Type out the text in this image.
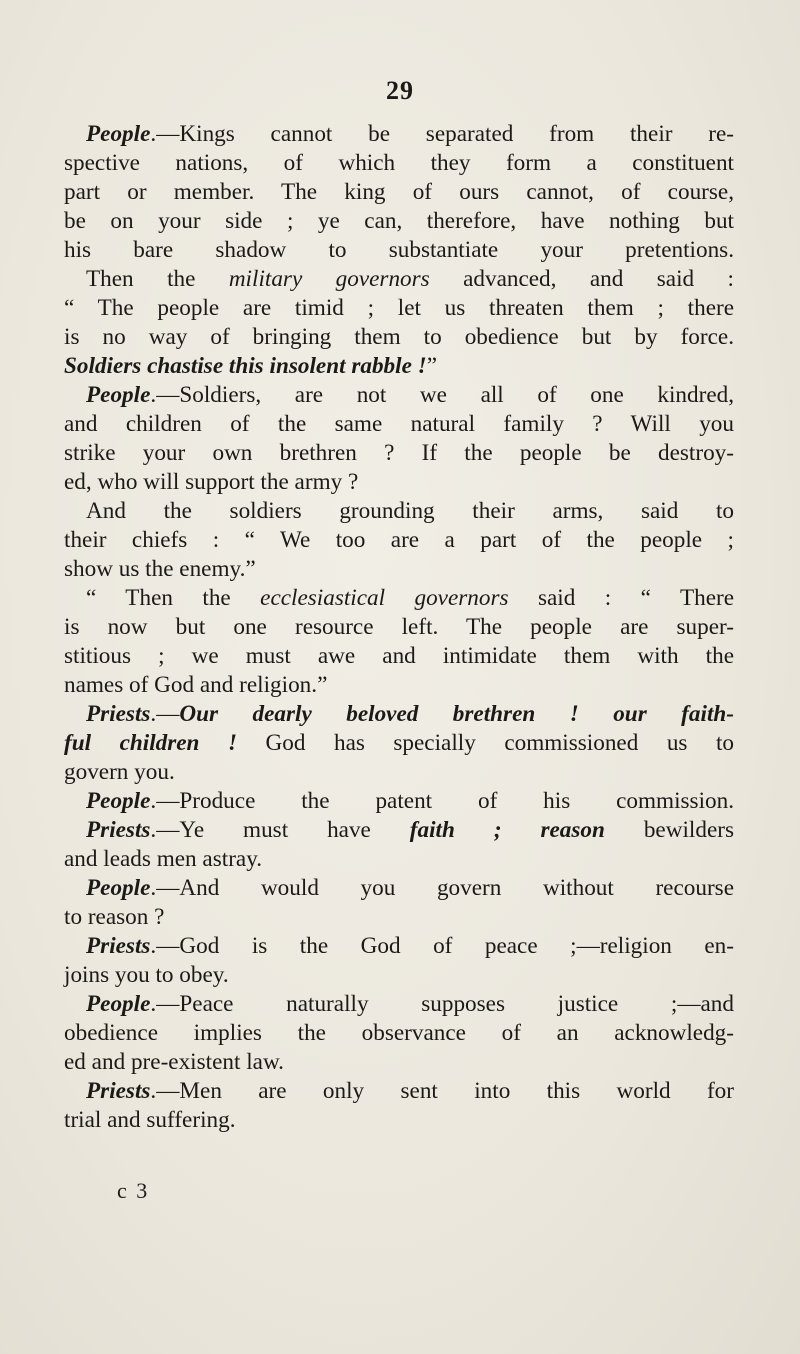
29
People.—Kings cannot be separated from their re-
spective nations, of which they form a constituent
part or member. The king of ours cannot, of course,
be on your side ; ye can, therefore, have nothing but
his bare shadow to substantiate your pretentions.
Then the military governors advanced, and said :
“ The people are timid ; let us threaten them ; there
is no way of bringing them to obedience but by force.
Soldiers chastise this insolent rabble !”
People.—Soldiers, are not we all of one kindred,
and children of the same natural family ? Will you
strike your own brethren ? If the people be destroy-
ed, who will support the army ?
And the soldiers grounding their arms, said to
their chiefs : “ We too are a part of the people ;
show us the enemy.”
“ Then the ecclesiastical governors said : “ There
is now but one resource left. The people are super-
stitious ; we must awe and intimidate them with the
names of God and religion.”
Priests.—Our dearly beloved brethren ! our faith-
ful children ! God has specially commissioned us to
govern you.
People.—Produce the patent of his commission.
Priests.—Ye must have faith ; reason bewilders
and leads men astray.
People.—And would you govern without recourse
to reason ?
Priests.—God is the God of peace ;—religion en-
joins you to obey.
People.—Peace naturally supposes justice ;—and
obedience implies the observance of an acknowledg-
ed and pre-existent law.
Priests.—Men are only sent into this world for
trial and suffering.
c 3
